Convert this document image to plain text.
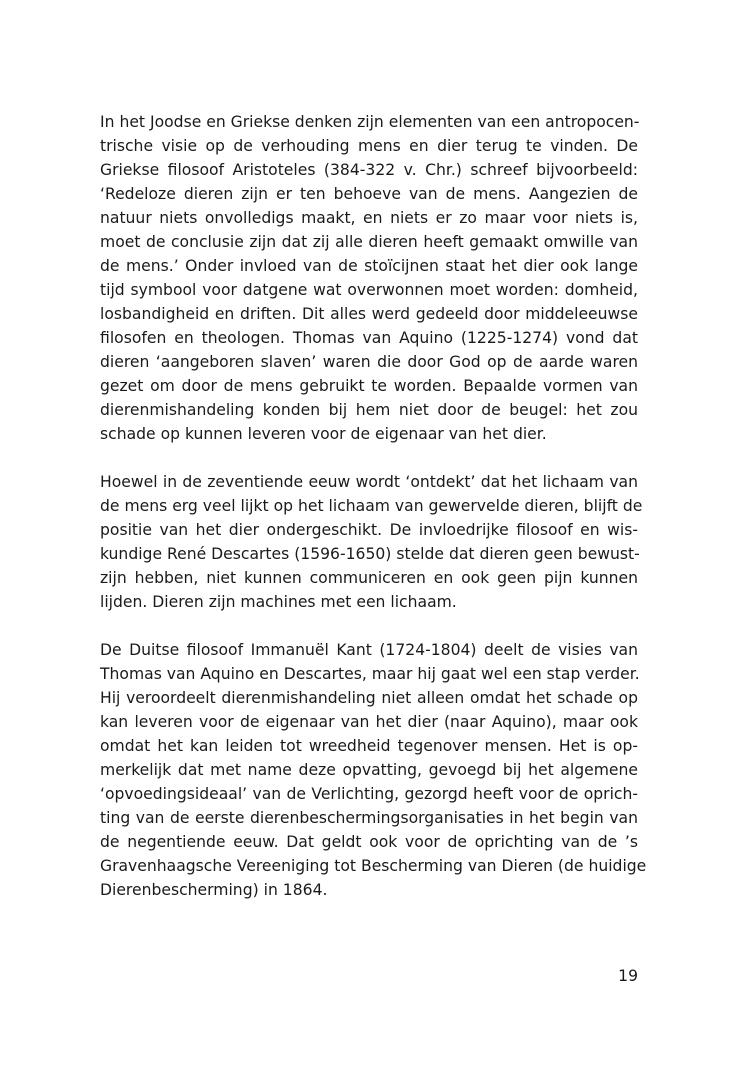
In het Joodse en Griekse denken zijn elementen van een antropocen-
trische visie op de verhouding mens en dier terug te vinden. De
Griekse filosoof Aristoteles (384-322 v. Chr.) schreef bijvoorbeeld:
‘Redeloze dieren zijn er ten behoeve van de mens. Aangezien de
natuur niets onvolledigs maakt, en niets er zo maar voor niets is,
moet de conclusie zijn dat zij alle dieren heeft gemaakt omwille van
de mens.’ Onder invloed van de stoïcijnen staat het dier ook lange
tijd symbool voor datgene wat overwonnen moet worden: domheid,
losbandigheid en driften. Dit alles werd gedeeld door middeleeuwse
filosofen en theologen. Thomas van Aquino (1225-1274) vond dat
dieren ‘aangeboren slaven’ waren die door God op de aarde waren
gezet om door de mens gebruikt te worden. Bepaalde vormen van
dierenmishandeling konden bij hem niet door de beugel: het zou
schade op kunnen leveren voor de eigenaar van het dier.

Hoewel in de zeventiende eeuw wordt ‘ontdekt’ dat het lichaam van
de mens erg veel lijkt op het lichaam van gewervelde dieren, blijft de
positie van het dier ondergeschikt. De invloedrijke filosoof en wis-
kundige René Descartes (1596-1650) stelde dat dieren geen bewust-
zijn hebben, niet kunnen communiceren en ook geen pijn kunnen
lijden. Dieren zijn machines met een lichaam.

De Duitse filosoof Immanuël Kant (1724-1804) deelt de visies van
Thomas van Aquino en Descartes, maar hij gaat wel een stap verder.
Hij veroordeelt dierenmishandeling niet alleen omdat het schade op
kan leveren voor de eigenaar van het dier (naar Aquino), maar ook
omdat het kan leiden tot wreedheid tegenover mensen. Het is op-
merkelijk dat met name deze opvatting, gevoegd bij het algemene
‘opvoedingsideaal’ van de Verlichting, gezorgd heeft voor de oprich-
ting van de eerste dierenbeschermingsorganisaties in het begin van
de negentiende eeuw. Dat geldt ook voor de oprichting van de ’s
Gravenhaagsche Vereeniging tot Bescherming van Dieren (de huidige
Dierenbescherming) in 1864.

19
